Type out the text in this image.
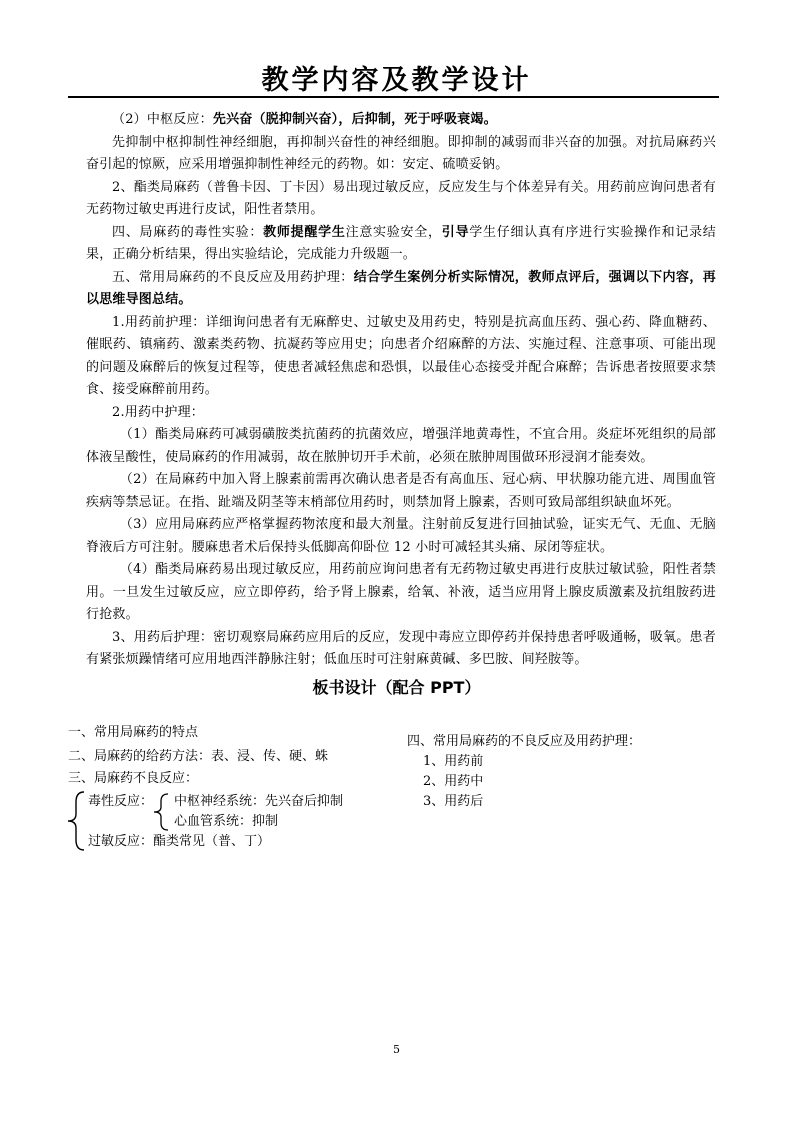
教学内容及教学设计

（2）中枢反应：先兴奋（脱抑制兴奋），后抑制，死于呼吸衰竭。

先抑制中枢抑制性神经细胞，再抑制兴奋性的神经细胞。即抑制的减弱而非兴奋的加强。对抗局麻药兴奋引起的惊厥，应采用增强抑制性神经元的药物。如：安定、硫喷妥钠。

2、酯类局麻药（普鲁卡因、丁卡因）易出现过敏反应，反应发生与个体差异有关。用药前应询问患者有无药物过敏史再进行皮试，阳性者禁用。

四、局麻药的毒性实验：教师提醒学生注意实验安全，引导学生仔细认真有序进行实验操作和记录结果，正确分析结果，得出实验结论，完成能力升级题一。

五、常用局麻药的不良反应及用药护理：结合学生案例分析实际情况，教师点评后，强调以下内容，再以思维导图总结。

1.用药前护理：详细询问患者有无麻醉史、过敏史及用药史，特别是抗高血压药、强心药、降血糖药、催眠药、镇痛药、激素类药物、抗凝药等应用史；向患者介绍麻醉的方法、实施过程、注意事项、可能出现的问题及麻醉后的恢复过程等，使患者减轻焦虑和恐惧，以最佳心态接受并配合麻醉；告诉患者按照要求禁食、接受麻醉前用药。

2.用药中护理：

（1）酯类局麻药可减弱磺胺类抗菌药的抗菌效应，增强洋地黄毒性，不宜合用。炎症坏死组织的局部体液呈酸性，使局麻药的作用减弱，故在脓肿切开手术前，必须在脓肿周围做环形浸润才能奏效。

（2）在局麻药中加入肾上腺素前需再次确认患者是否有高血压、冠心病、甲状腺功能亢进、周围血管疾病等禁忌证。在指、趾端及阴茎等末梢部位用药时，则禁加肾上腺素，否则可致局部组织缺血坏死。

（3）应用局麻药应严格掌握药物浓度和最大剂量。注射前反复进行回抽试验，证实无气、无血、无脑脊液后方可注射。腰麻患者术后保持头低脚高仰卧位 12 小时可减轻其头痛、尿闭等症状。

（4）酯类局麻药易出现过敏反应，用药前应询问患者有无药物过敏史再进行皮肤过敏试验，阳性者禁用。一旦发生过敏反应，应立即停药，给予肾上腺素，给氧、补液，适当应用肾上腺皮质激素及抗组胺药进行抢救。

3、用药后护理：密切观察局麻药应用后的反应，发现中毒应立即停药并保持患者呼吸通畅，吸氧。患者有紧张烦躁情绪可应用地西泮静脉注射；低血压时可注射麻黄碱、多巴胺、间羟胺等。

板书设计（配合 PPT）
一、常用局麻药的特点
二、局麻药的给药方法：表、浸、传、硬、蛛
三、局麻药不良反应：
毒性反应： 中枢神经系统：先兴奋后抑制
心血管系统：抑制
过敏反应：酯类常见（普、丁）
四、常用局麻药的不良反应及用药护理：
1、用药前
2、用药中
3、用药后
5
